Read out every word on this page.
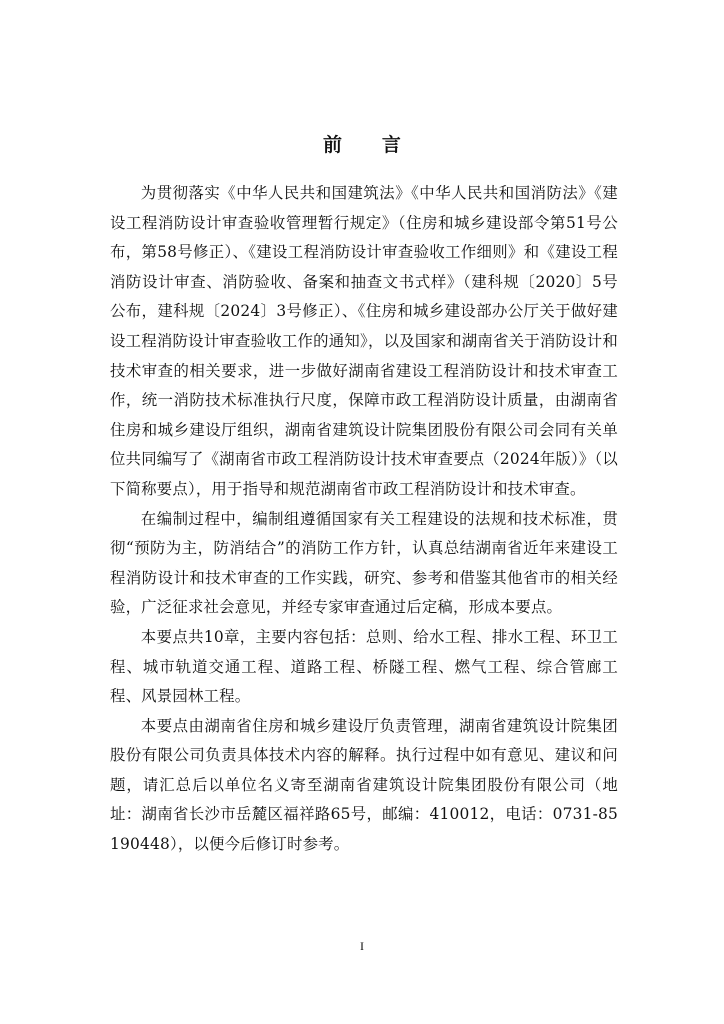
前言

为贯彻落实《中华人民共和国建筑法》《中华人民共和国消防法》《建设工程消防设计审查验收管理暂行规定》（住房和城乡建设部令第51号公布，第58号修正）、《建设工程消防设计审查验收工作细则》和《建设工程消防设计审查、消防验收、备案和抽查文书式样》（建科规〔2020〕5号公布，建科规〔2024〕3号修正）、《住房和城乡建设部办公厅关于做好建设工程消防设计审查验收工作的通知》，以及国家和湖南省关于消防设计和技术审查的相关要求，进一步做好湖南省建设工程消防设计和技术审查工作，统一消防技术标准执行尺度，保障市政工程消防设计质量，由湖南省住房和城乡建设厅组织，湖南省建筑设计院集团股份有限公司会同有关单位共同编写了《湖南省市政工程消防设计技术审查要点（2024年版）》（以下简称要点），用于指导和规范湖南省市政工程消防设计和技术审查。

在编制过程中，编制组遵循国家有关工程建设的法规和技术标准，贯彻“预防为主，防消结合”的消防工作方针，认真总结湖南省近年来建设工程消防设计和技术审查的工作实践，研究、参考和借鉴其他省市的相关经验，广泛征求社会意见，并经专家审查通过后定稿，形成本要点。

本要点共10章，主要内容包括：总则、给水工程、排水工程、环卫工程、城市轨道交通工程、道路工程、桥隧工程、燃气工程、综合管廊工程、风景园林工程。

本要点由湖南省住房和城乡建设厅负责管理，湖南省建筑设计院集团股份有限公司负责具体技术内容的解释。执行过程中如有意见、建议和问题，请汇总后以单位名义寄至湖南省建筑设计院集团股份有限公司（地址：湖南省长沙市岳麓区福祥路65号，邮编：410012，电话：0731-85190448），以便今后修订时参考。

I
